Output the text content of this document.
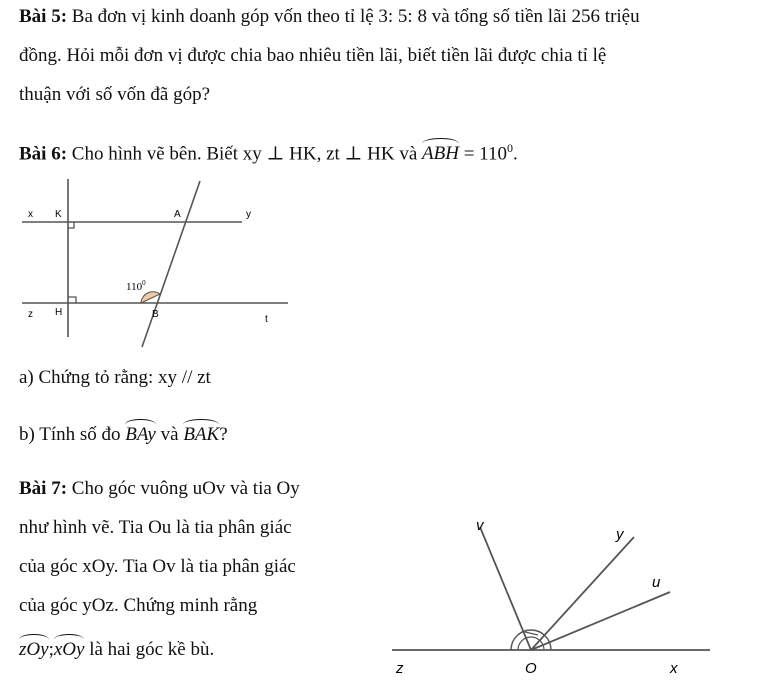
Bài 5: Ba đơn vị kinh doanh góp vốn theo tỉ lệ 3: 5: 8 và tổng số tiền lãi 256 triệu
đồng. Hỏi mỗi đơn vị được chia bao nhiêu tiền lãi, biết tiền lãi được chia tỉ lệ
thuận với số vốn đã góp?
Bài 6: Cho hình vẽ bên. Biết xy ⊥ HK, zt ⊥ HK và ABH = $110^0$.
x K	A	y
z H	B	t
$110^0$
a) Chứng tỏ rằng: xy // zt
b) Tính số đo BAy và BAK?
Bài 7: Cho góc vuông uOv và tia Oy
như hình vẽ. Tia Ou là tia phân giác
của góc xOy. Tia Ov là tia phân giác
của góc yOz. Chứng minh rằng
zOy;xOy là hai góc kề bù.
v
y
u
z	O	x
